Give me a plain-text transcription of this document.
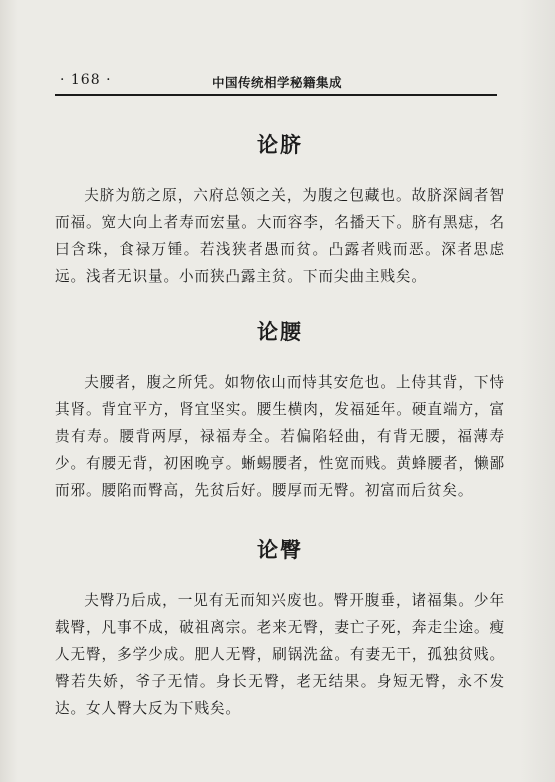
· 168 ·	中国传统相学秘籍集成
论脐

夫脐为筋之原，六府总领之关，为腹之包藏也。故脐深阔者智而福。宽大向上者寿而宏量。大而容李，名播天下。脐有黑痣，名曰含珠，食禄万锺。若浅狭者愚而贫。凸露者贱而恶。深者思虑远。浅者无识量。小而狭凸露主贫。下而尖曲主贱矣。

论腰

夫腰者，腹之所凭。如物依山而恃其安危也。上侍其背，下恃其肾。背宜平方，肾宜坚实。腰生横肉，发福延年。硬直端方，富贵有寿。腰背两厚，禄福寿全。若偏陷轻曲，有背无腰，福薄寿少。有腰无背，初困晚亨。蜥蜴腰者，性宽而贱。黄蜂腰者，懒鄙而邪。腰陷而臀高，先贫后好。腰厚而无臀。初富而后贫矣。

论臀

夫臀乃后成，一见有无而知兴废也。臀开腹垂，诸福集。少年载臀，凡事不成，破祖离宗。老来无臀，妻亡子死，奔走尘途。瘦人无臀，多学少成。肥人无臀，刷锅洗盆。有妻无干，孤独贫贱。臀若失娇，爷子无情。身长无臀，老无结果。身短无臀，永不发达。女人臀大反为下贱矣。
